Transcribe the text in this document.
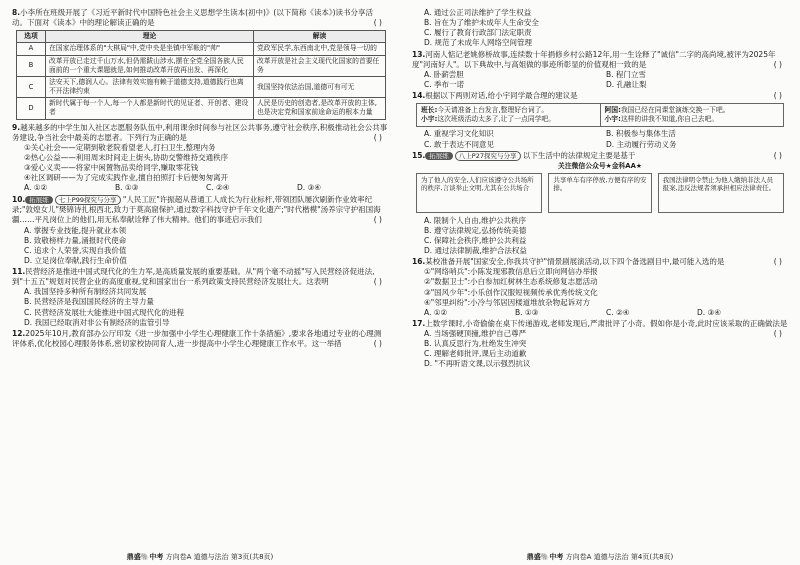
8.小李所在班级开展了《习近平新时代中国特色社会主义思想学生读本(初中)》(以下简称《读本》)读书分享活动。下面对《读本》中的理论解读正确的是	( )
选项	理论	解读
A	在国家治理体系的"大棋局"中,党中央是坐镇中军帐的"帅"	党政军民学,东西南北中,党是领导一切的
B	改革开放已走过千山万水,但仍需跋山涉水,摆在全党全国各族人民面前的一个重大课题就是,如何推动改革开放再出发、再深化	改革开放是社会主义现代化国家的首要任务
C	法安天下,德润人心。法律有效实施有赖于道德支持,道德践行也离不开法律约束	我国坚持依法治国,道德可有可无
D	新时代属于每一个人,每一个人都是新时代的见证者、开创者、建设者	人民是历史的创造者,是改革开放的主体,也是决定党和国家前途命运的根本力量
9.越来越多的中学生加入社区志愿服务队伍中,利用课余时间参与社区公共事务,遵守社会秩序,积极推动社会公共事务建设,争当社会中最美的志愿者。下列行为正确的是	( )
①关心社会——定期到敬老院看望老人,打扫卫生,整理内务
②热心公益——利用周末时间走上街头,协助交警维持交通秩序
③爱心义卖——将家中闲置物品卖给同学,赚取零花钱
④社区调研——为了完成实践作业,擅自拍照打卡后便匆匆离开
A. ①②	B. ①③	C. ②④	D. ③④
10. 拓展练 七上P99探究与分享 "人民工匠"许振超从普通工人成长为行业标杆,带领团队屡次刷新作业效率纪录;"敦煌女儿"樊锦诗扎根西北,致力于莫高窟保护,通过数字科技守护千年文化遗产;"时代楷模"汤养宗守护祖国海疆……平凡岗位上的他们,用无私奉献诠释了伟大精神。他们的事迹启示我们	( )
A. 掌握专业技能,提升就业本领
B. 致敬榜样力量,涌报时代使命
C. 追求个人荣誉,实现自我价值
D. 立足岗位奉献,践行生命价值
11.民营经济是推进中国式现代化的生力军,是高质量发展的重要基础。从"两个毫不动摇"写入民营经济促进法,到"十五五"规划对民营企业的高度重视,党和国家出台一系列政策支持民营经济发展壮大。这表明	( )
A. 我国坚持多种所有制经济共同发展
B. 民营经济是我国国民经济的主导力量
C. 民营经济发展壮大能推进中国式现代化的进程
D. 我国已经取消对非公有制经济的监管引导
12.2025年10月,教育部办公厅印发《进一步加强中小学生心理健康工作十条措施》,要求各地通过专业的心理测评体系,优化校园心理服务体系,密切家校协同育人,进一步提高中小学生心理健康工作水平。这一举措	( )
鼎盛🐘中考 方向卷A 道德与法治 第3页(共8页)
A. 通过公正司法维护了学生权益
B. 旨在为了维护未成年人生命安全
C. 履行了教育行政部门法定职责
D. 规范了未成年人网络空间管理
13.河南人惦记老姚修桥故事,连续数十年捐修乡村公路12年,用一生诠释了"诚信"二字的高尚境,被评为2025年度"河南好人"。以下典故中,与高姐做的事迹所彰显的价值观相一致的是	( )
A. 卧薪尝胆	B. 程门立雪
C. 季布一诺	D. 孔融让梨
14.根据以下两则对话,给小宇同学最合理的建议是	( )
班长:今天请准备上台发言,整理好台词了。
小宇:这次班级活动太多了,让了一点同学吧。
阿国:我国已经在同课堂演练交换一下吧。
小宇:这样的讲我不知道,你自己去吧。
A. 重视学习文化知识	B. 积极参与集体生活
C. 敢于表达不同意见	D. 主动履行劳动义务
15. 拓展练 八上P27探究与分享 以下生活中的法律规定主要是基于	( )
关注微信公众号★金科AA★
为了他人的安全,人们应该遵守公共场所的秩序,言谈举止文明,尤其在公共场合
共享单车有序停放,方便有序的安排。
我国法律明令禁止为他人缴纳非法人员报案,违反法规者须承担相应法律责任。
A. 限制个人自由,维护公共秩序
B. 遵守法律规定,弘扬传统美德
C. 保障社会秩序,维护公共利益
D. 通过法律制裁,维护合法权益
16.某校准备开展"国家安全,你我共守护"情景剧展演活动,以下四个备选剧目中,最可能入选的是	( )
①"网络哨兵":小陈发现邪教信息后立即向网信办举报
②"数据卫士":小白参加红树林生态系统修复志愿活动
③"国风少年":小乐创作汉服短视频传承优秀传统文化
④"邻里纠纷":小冷与邻居因楼道堆放杂物起诉对方
A. ①②	B. ①③	C. ②④	D. ③④
17.上数学课时,小奇偷偷在桌下传递游戏,老师发现后,严肃批评了小奇。假如你是小奇,此时应该采取的正确做法是
( )
A. 当场强硬顶撞,维护自己尊严
B. 认真反思行为,杜绝发生冲突
C. 理解老师批评,课后主动道歉
D. "不再听语文课,以示强烈抗议
鼎盛🐘中考 方向卷A 道德与法治 第4页(共8页)
